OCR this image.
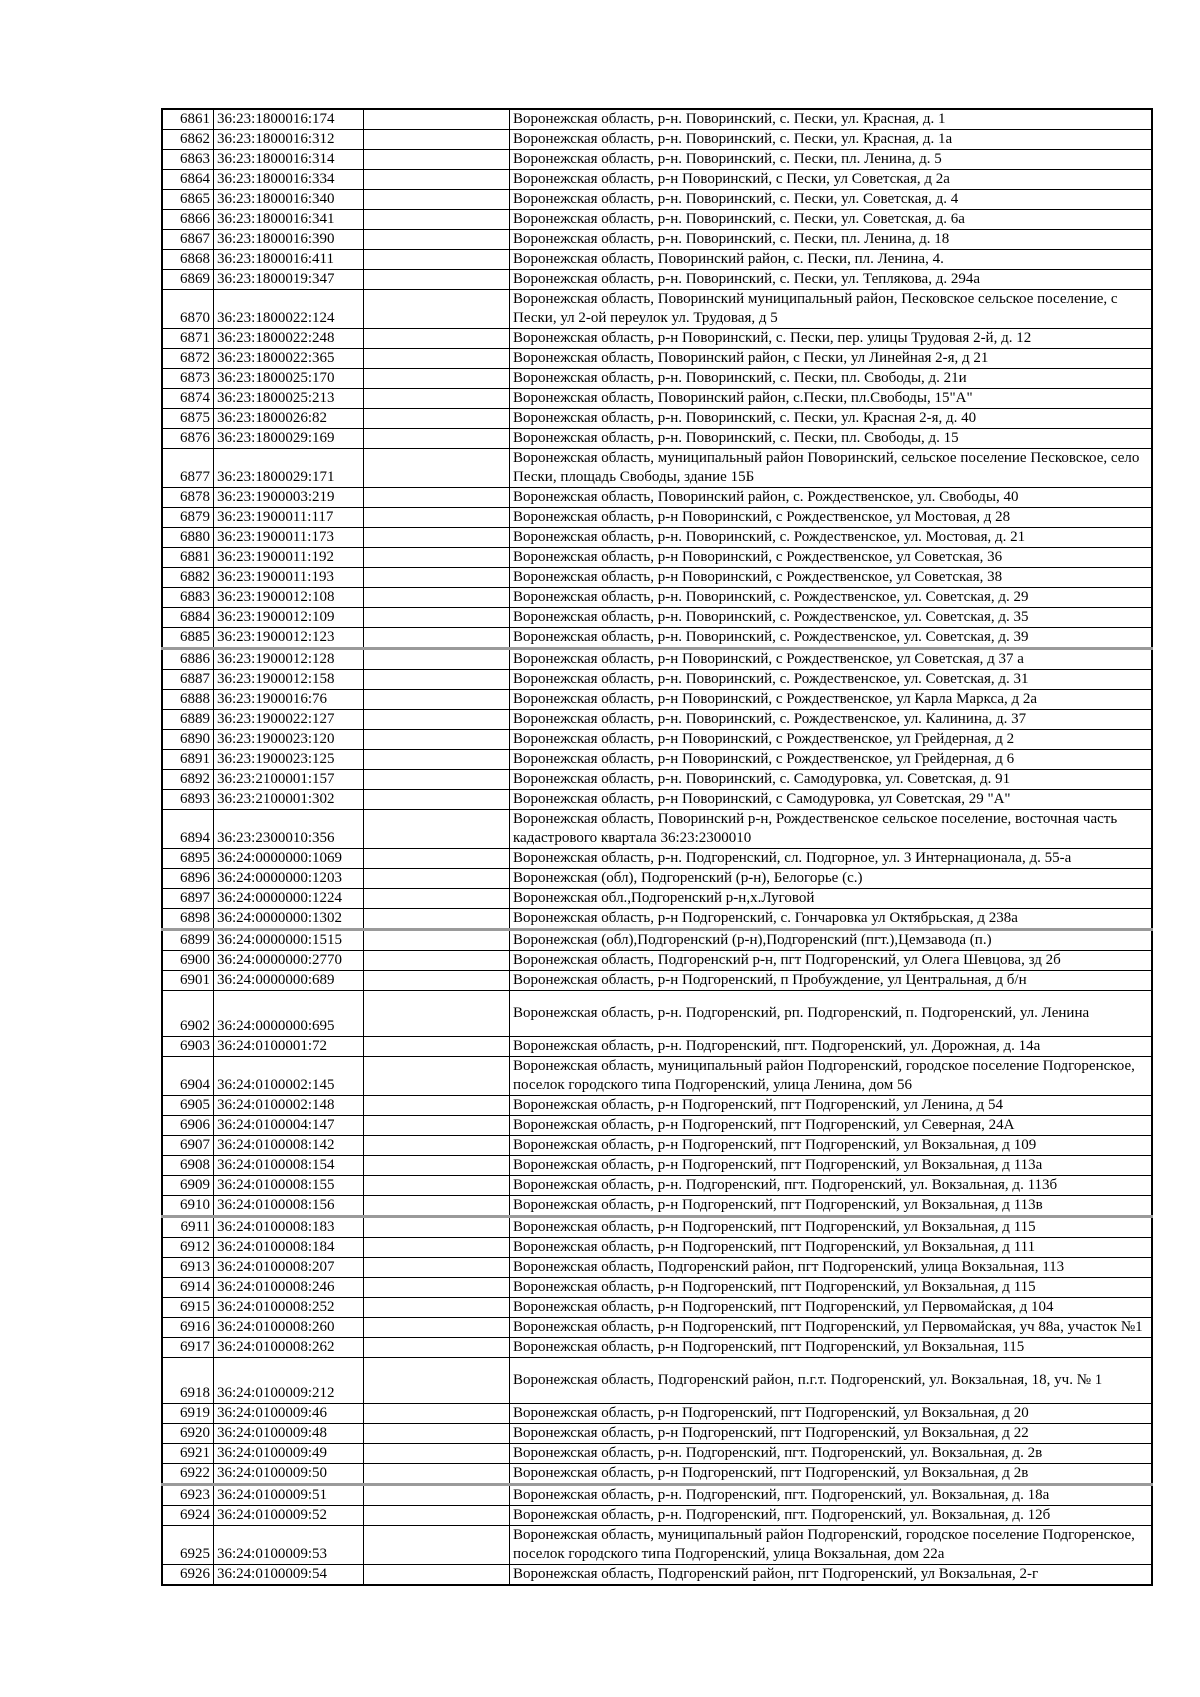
6861	36:23:1800016:174		Воронежская область, р-н. Поворинский, с. Пески, ул. Красная, д. 1
6862	36:23:1800016:312		Воронежская область, р-н. Поворинский, с. Пески, ул. Красная, д. 1а
6863	36:23:1800016:314		Воронежская область, р-н. Поворинский, с. Пески, пл. Ленина, д. 5
6864	36:23:1800016:334		Воронежская область, р-н Поворинский, с Пески, ул Советская, д 2а
6865	36:23:1800016:340		Воронежская область, р-н. Поворинский, с. Пески, ул. Советская, д. 4
6866	36:23:1800016:341		Воронежская область, р-н. Поворинский, с. Пески, ул. Советская, д. 6а
6867	36:23:1800016:390		Воронежская область, р-н. Поворинский, с. Пески, пл. Ленина, д. 18
6868	36:23:1800016:411		Воронежская область, Поворинский район, с. Пески, пл. Ленина, 4.
6869	36:23:1800019:347		Воронежская область, р-н. Поворинский, с. Пески, ул. Теплякова, д. 294а
6870	36:23:1800022:124		Воронежская область, Поворинский муниципальный район, Песковское сельское поселение, с Пески, ул 2-ой переулок ул. Трудовая, д 5
6871	36:23:1800022:248		Воронежская область, р-н Поворинский, с. Пески, пер. улицы Трудовая 2-й, д. 12
6872	36:23:1800022:365		Воронежская область, Поворинский район, с Пески, ул Линейная 2-я, д 21
6873	36:23:1800025:170		Воронежская область, р-н. Поворинский, с. Пески, пл. Свободы, д. 21и
6874	36:23:1800025:213		Воронежская область, Поворинский район, с.Пески, пл.Свободы, 15"А"
6875	36:23:1800026:82		Воронежская область, р-н. Поворинский, с. Пески, ул. Красная 2-я, д. 40
6876	36:23:1800029:169		Воронежская область, р-н. Поворинский, с. Пески, пл. Свободы, д. 15
6877	36:23:1800029:171		Воронежская область, муниципальный район Поворинский, сельское поселение Песковское, село Пески, площадь Свободы, здание 15Б
6878	36:23:1900003:219		Воронежская область, Поворинский район, с. Рождественское, ул. Свободы, 40
6879	36:23:1900011:117		Воронежская область, р-н Поворинский, с Рождественское, ул Мостовая, д 28
6880	36:23:1900011:173		Воронежская область, р-н. Поворинский, с. Рождественское, ул. Мостовая, д. 21
6881	36:23:1900011:192		Воронежская область, р-н Поворинский, с Рождественское, ул Советская, 36
6882	36:23:1900011:193		Воронежская область, р-н Поворинский, с Рождественское, ул Советская, 38
6883	36:23:1900012:108		Воронежская область, р-н. Поворинский, с. Рождественское, ул. Советская, д. 29
6884	36:23:1900012:109		Воронежская область, р-н. Поворинский, с. Рождественское, ул. Советская, д. 35
6885	36:23:1900012:123		Воронежская область, р-н. Поворинский, с. Рождественское, ул. Советская, д. 39
6886	36:23:1900012:128		Воронежская область, р-н Поворинский, с Рождественское, ул Советская, д 37 а
6887	36:23:1900012:158		Воронежская область, р-н. Поворинский, с. Рождественское, ул. Советская, д. 31
6888	36:23:1900016:76		Воронежская область, р-н Поворинский, с Рождественское, ул Карла Маркса, д 2а
6889	36:23:1900022:127		Воронежская область, р-н. Поворинский, с. Рождественское, ул. Калинина, д. 37
6890	36:23:1900023:120		Воронежская область, р-н Поворинский, с Рождественское, ул Грейдерная, д 2
6891	36:23:1900023:125		Воронежская область, р-н Поворинский, с Рождественское, ул Грейдерная, д 6
6892	36:23:2100001:157		Воронежская область, р-н. Поворинский, с. Самодуровка, ул. Советская, д. 91
6893	36:23:2100001:302		Воронежская область, р-н Поворинский, с Самодуровка, ул Советская, 29 "А"
6894	36:23:2300010:356		Воронежская область, Поворинский р-н, Рождественское сельское поселение, восточная часть кадастрового квартала 36:23:2300010
6895	36:24:0000000:1069		Воронежская область, р-н. Подгоренский, сл. Подгорное, ул. 3 Интернационала, д. 55-а
6896	36:24:0000000:1203		Воронежская (обл), Подгоренский (р-н), Белогорье (с.)
6897	36:24:0000000:1224		Воронежская обл.,Подгоренский р-н,х.Луговой
6898	36:24:0000000:1302		Воронежская область, р-н Подгоренский, с. Гончаровка ул Октябрьская, д 238а
6899	36:24:0000000:1515		Воронежская (обл),Подгоренский (р-н),Подгоренский (пгт.),Цемзавода (п.)
6900	36:24:0000000:2770		Воронежская область, Подгоренский р-н, пгт Подгоренский, ул Олега Шевцова, зд 2б
6901	36:24:0000000:689		Воронежская область, р-н Подгоренский, п Пробуждение, ул Центральная, д б/н
6902	36:24:0000000:695		Воронежская область, р-н. Подгоренский, рп. Подгоренский, п. Подгоренский, ул. Ленина
6903	36:24:0100001:72		Воронежская область, р-н. Подгоренский, пгт. Подгоренский, ул. Дорожная, д. 14а
6904	36:24:0100002:145		Воронежская область, муниципальный район Подгоренский, городское поселение Подгоренское, поселок городского типа Подгоренский, улица Ленина, дом 56
6905	36:24:0100002:148		Воронежская область, р-н Подгоренский, пгт Подгоренский, ул Ленина, д 54
6906	36:24:0100004:147		Воронежская область, р-н Подгоренский, пгт Подгоренский, ул Северная, 24А
6907	36:24:0100008:142		Воронежская область, р-н Подгоренский, пгт Подгоренский, ул Вокзальная, д 109
6908	36:24:0100008:154		Воронежская область, р-н Подгоренский, пгт Подгоренский, ул Вокзальная, д 113а
6909	36:24:0100008:155		Воронежская область, р-н. Подгоренский, пгт. Подгоренский, ул. Вокзальная, д. 113б
6910	36:24:0100008:156		Воронежская область, р-н Подгоренский, пгт Подгоренский, ул Вокзальная, д 113в
6911	36:24:0100008:183		Воронежская область, р-н Подгоренский, пгт Подгоренский, ул Вокзальная, д 115
6912	36:24:0100008:184		Воронежская область, р-н Подгоренский, пгт Подгоренский, ул Вокзальная, д 111
6913	36:24:0100008:207		Воронежская область, Подгоренский район, пгт Подгоренский, улица Вокзальная, 113
6914	36:24:0100008:246		Воронежская область, р-н Подгоренский, пгт Подгоренский, ул Вокзальная, д 115
6915	36:24:0100008:252		Воронежская область, р-н Подгоренский, пгт Подгоренский, ул Первомайская, д 104
6916	36:24:0100008:260		Воронежская область, р-н Подгоренский, пгт Подгоренский, ул Первомайская, уч 88а, участок №1
6917	36:24:0100008:262		Воронежская область, р-н Подгоренский, пгт Подгоренский, ул Вокзальная, 115
6918	36:24:0100009:212		Воронежская область, Подгоренский район, п.г.т. Подгоренский, ул. Вокзальная, 18, уч. № 1
6919	36:24:0100009:46		Воронежская область, р-н Подгоренский, пгт Подгоренский, ул Вокзальная, д 20
6920	36:24:0100009:48		Воронежская область, р-н Подгоренский, пгт Подгоренский, ул Вокзальная, д 22
6921	36:24:0100009:49		Воронежская область, р-н. Подгоренский, пгт. Подгоренский, ул. Вокзальная, д. 2в
6922	36:24:0100009:50		Воронежская область, р-н Подгоренский, пгт Подгоренский, ул Вокзальная, д 2в
6923	36:24:0100009:51		Воронежская область, р-н. Подгоренский, пгт. Подгоренский, ул. Вокзальная, д. 18а
6924	36:24:0100009:52		Воронежская область, р-н. Подгоренский, пгт. Подгоренский, ул. Вокзальная, д. 12б
6925	36:24:0100009:53		Воронежская область, муниципальный район Подгоренский, городское поселение Подгоренское, поселок городского типа Подгоренский, улица Вокзальная, дом 22а
6926	36:24:0100009:54		Воронежская область, Подгоренский район, пгт Подгоренский, ул Вокзальная, 2-г
